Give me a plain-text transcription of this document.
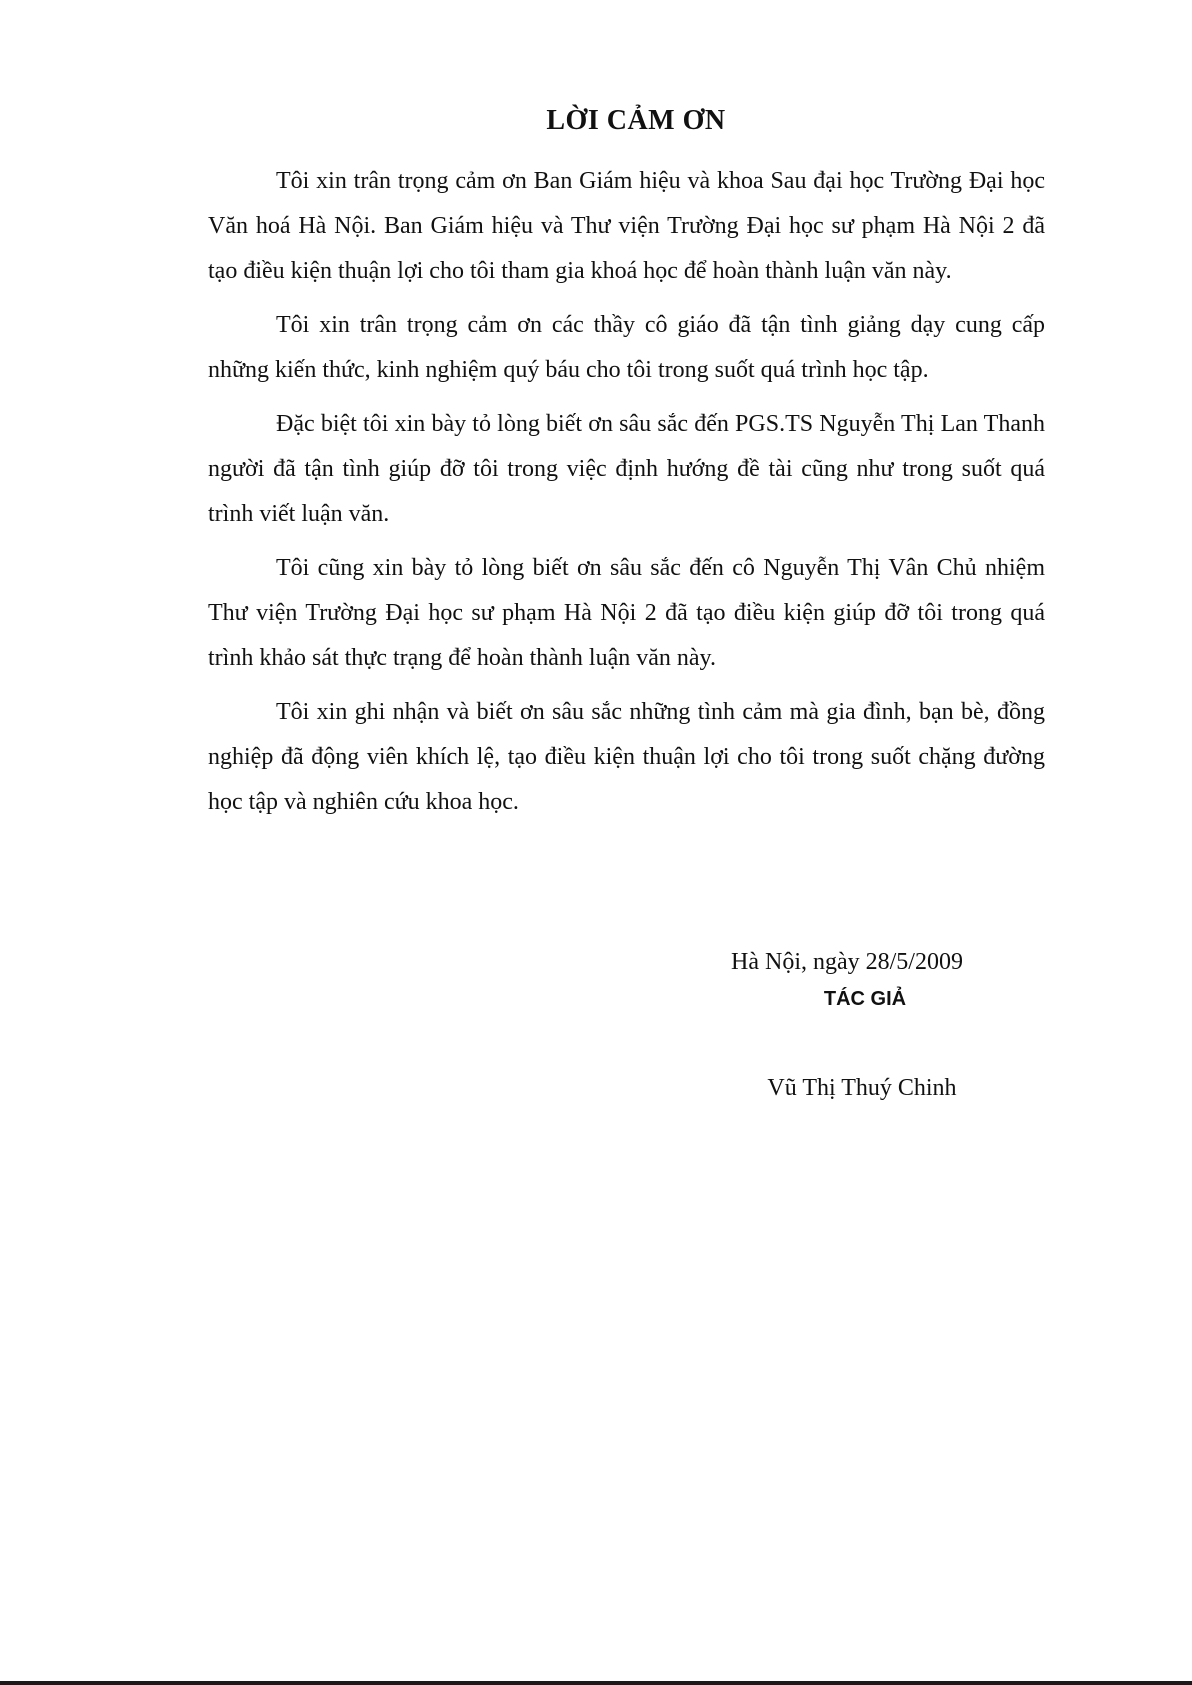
LỜI CẢM ƠN

Tôi xin trân trọng cảm ơn Ban Giám hiệu và khoa Sau đại học Trường Đại học Văn hoá Hà Nội. Ban Giám hiệu và Thư viện Trường Đại học sư phạm Hà Nội 2 đã tạo điều kiện thuận lợi cho tôi tham gia khoá học để hoàn thành luận văn này.

Tôi xin trân trọng cảm ơn các thầy cô giáo đã tận tình giảng dạy cung cấp những kiến thức, kinh nghiệm quý báu cho tôi trong suốt quá trình học tập.

Đặc biệt tôi xin bày tỏ lòng biết ơn sâu sắc đến PGS.TS Nguyễn Thị Lan Thanh người đã tận tình giúp đỡ tôi trong việc định hướng đề tài cũng như trong suốt quá trình viết luận văn.

Tôi cũng xin bày tỏ lòng biết ơn sâu sắc đến cô Nguyễn Thị Vân Chủ nhiệm Thư viện Trường Đại học sư phạm Hà Nội 2 đã tạo điều kiện giúp đỡ tôi trong quá trình khảo sát thực trạng để hoàn thành luận văn này.

Tôi xin ghi nhận và biết ơn sâu sắc những tình cảm mà gia đình, bạn bè, đồng nghiệp đã động viên khích lệ, tạo điều kiện thuận lợi cho tôi trong suốt chặng đường học tập và nghiên cứu khoa học.

Hà Nội, ngày 28/5/2009
TÁC GIẢ
Vũ Thị Thuý Chinh
